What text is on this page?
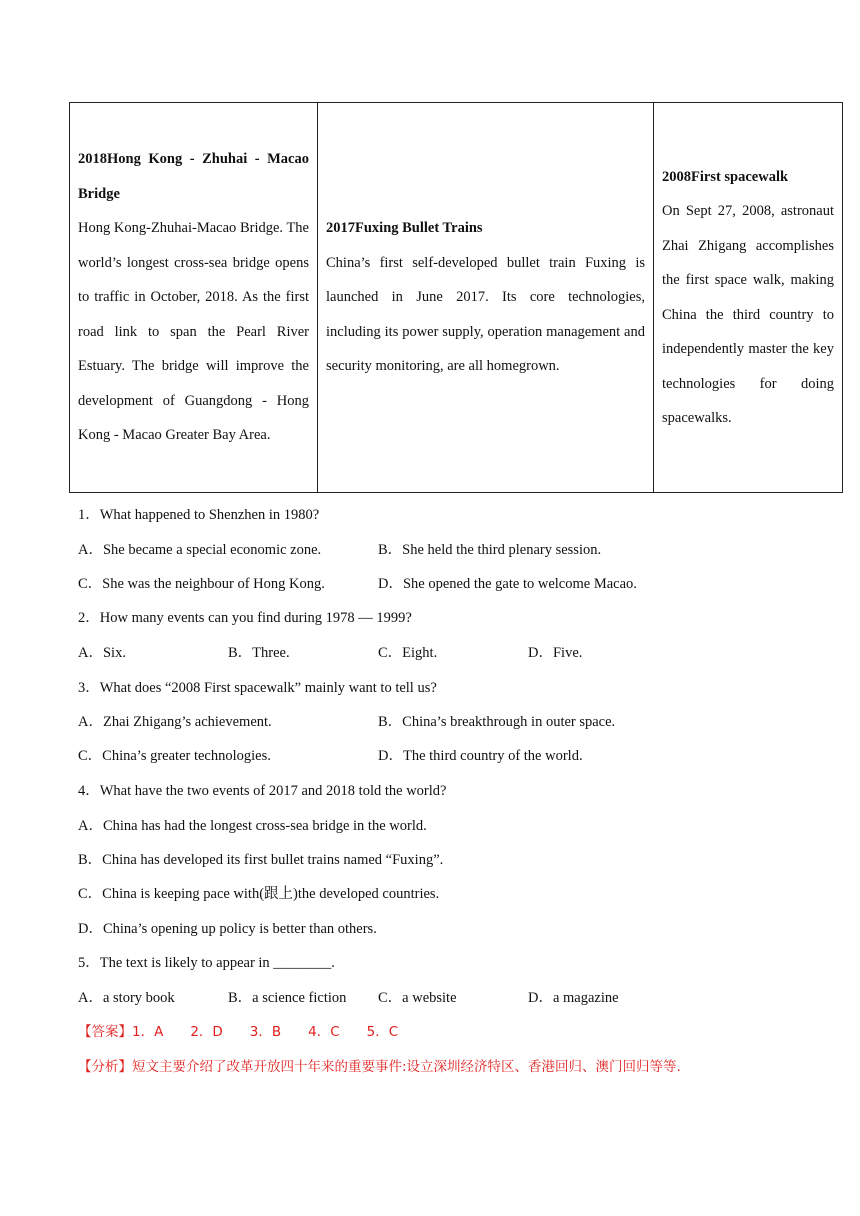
2018Hong Kong - Zhuhai - Macao Bridge
Hong Kong-Zhuhai-Macao Bridge. The world’s longest cross-sea bridge opens to traffic in October, 2018. As the first road link to span the Pearl River Estuary. The bridge will improve the development of Guangdong - Hong Kong - Macao Greater Bay Area.

2017Fuxing Bullet Trains
China’s first self-developed bullet train Fuxing is launched in June 2017. Its core technologies, including its power supply, operation management and security monitoring, are all homegrown.

2008First spacewalk
On Sept 27, 2008, astronaut Zhai Zhigang accomplishes the first space walk, making China the third country to independently master the key technologies for doing spacewalks.
1．What happened to Shenzhen in 1980?
A．She became a special economic zone.	B．She held the third plenary session.
C．She was the neighbour of Hong Kong.	D．She opened the gate to welcome Macao.
2．How many events can you find during 1978 — 1999?
A．Six.	B．Three.	C．Eight.	D．Five.
3．What does “2008 First spacewalk” mainly want to tell us?
A．Zhai Zhigang’s achievement.	B．China’s breakthrough in outer space.
C．China’s greater technologies.	D．The third country of the world.
4．What have the two events of 2017 and 2018 told the world?
A．China has had the longest cross-sea bridge in the world.
B．China has developed its first bullet trains named “Fuxing”.
C．China is keeping pace with(跟上)the developed countries.
D．China’s opening up policy is better than others.
5．The text is likely to appear in ________.
A．a story book	B．a science fiction C．a website	D．a magazine
【答案】1．A　　2．D　　3．B　　4．C　　5．C
【分析】短文主要介绍了改革开放四十年来的重要事件:设立深圳经济特区、香港回归、澳门回归等等.
